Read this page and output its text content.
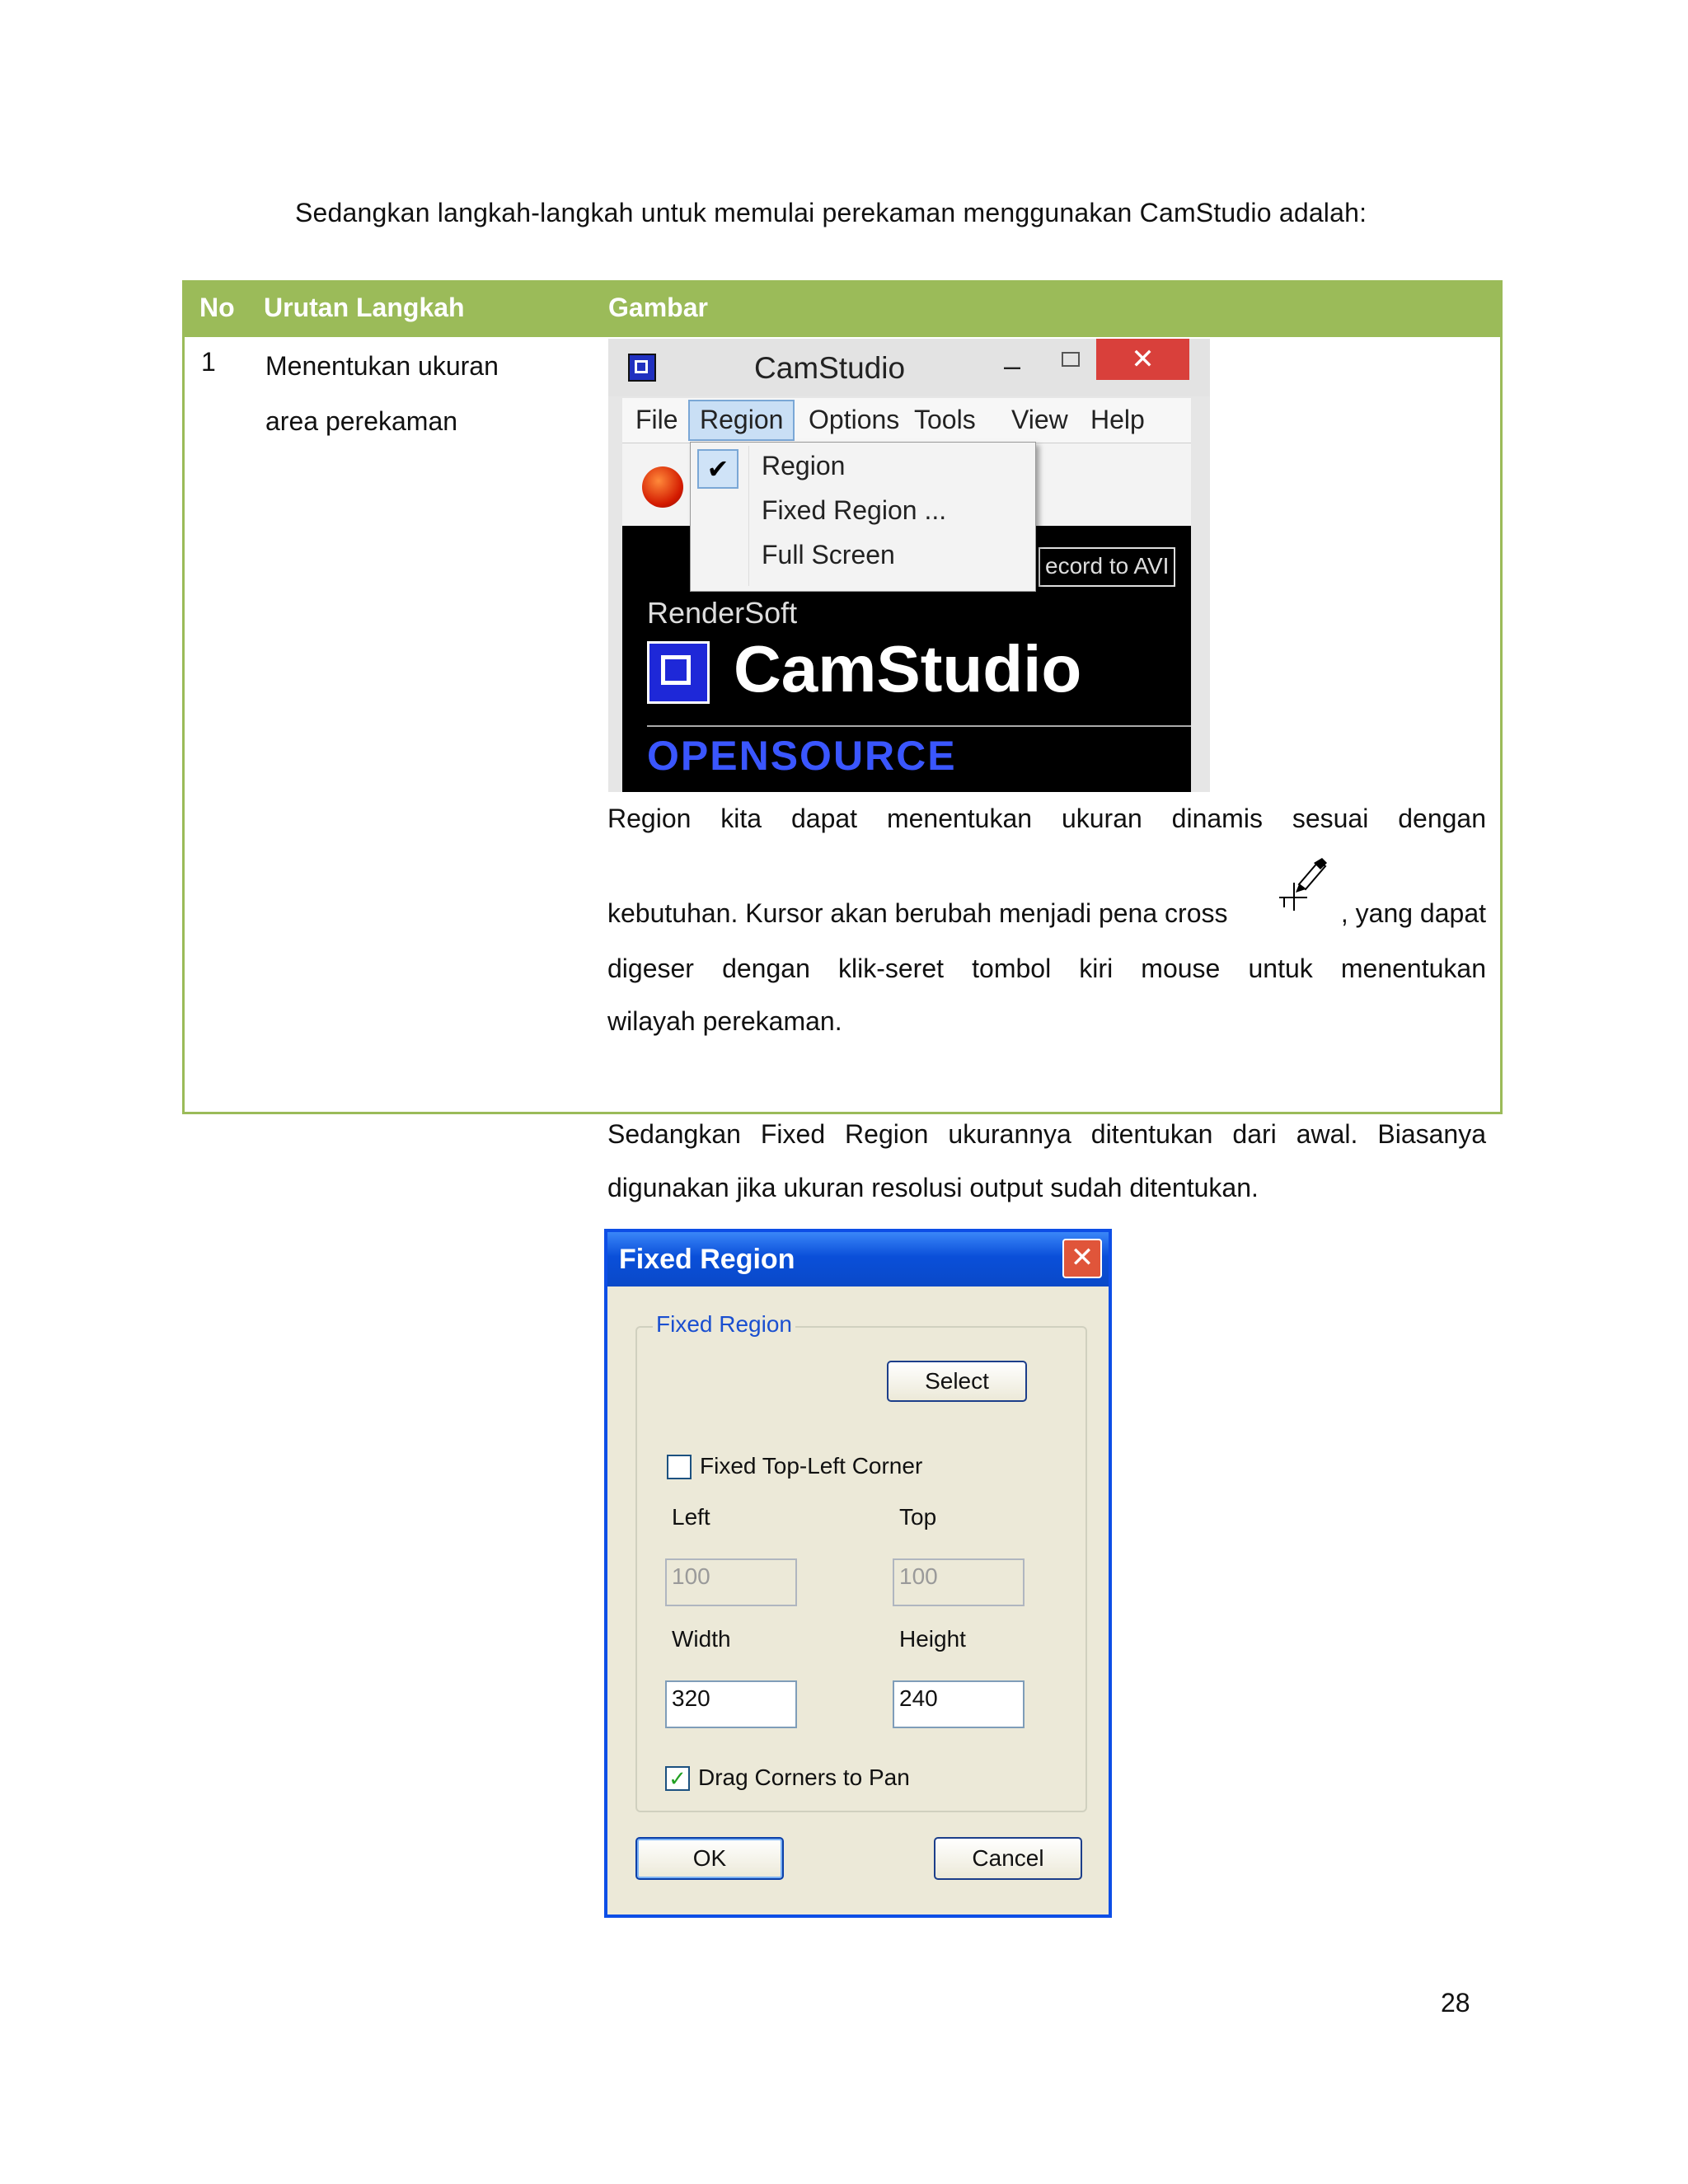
Sedangkan langkah-langkah untuk memulai perekaman menggunakan CamStudio adalah:
No Urutan Langkah	Gambar
1 Menentukan ukuran area perekaman
CamStudio	–	✕
File Region Options Tools View Help
ecord to AVI
RenderSoft
CamStudio
OPENSOURCE
✔	Region
Fixed Region ...
Full Screen
Region kita dapat menentukan ukuran dinamis sesuai dengan
kebutuhan. Kursor akan berubah menjadi pena cross	, yang dapat
digeser dengan klik-seret tombol kiri mouse untuk menentukan
wilayah perekaman.
Sedangkan Fixed Region ukurannya ditentukan dari awal. Biasanya
digunakan jika ukuran resolusi output sudah ditentukan.
Fixed Region	✕
Fixed Region
Select
Fixed Top-Left Corner
Left	Top
100	100
Width	Height
320	240
✓ Drag Corners to Pan
OK	Cancel
28
